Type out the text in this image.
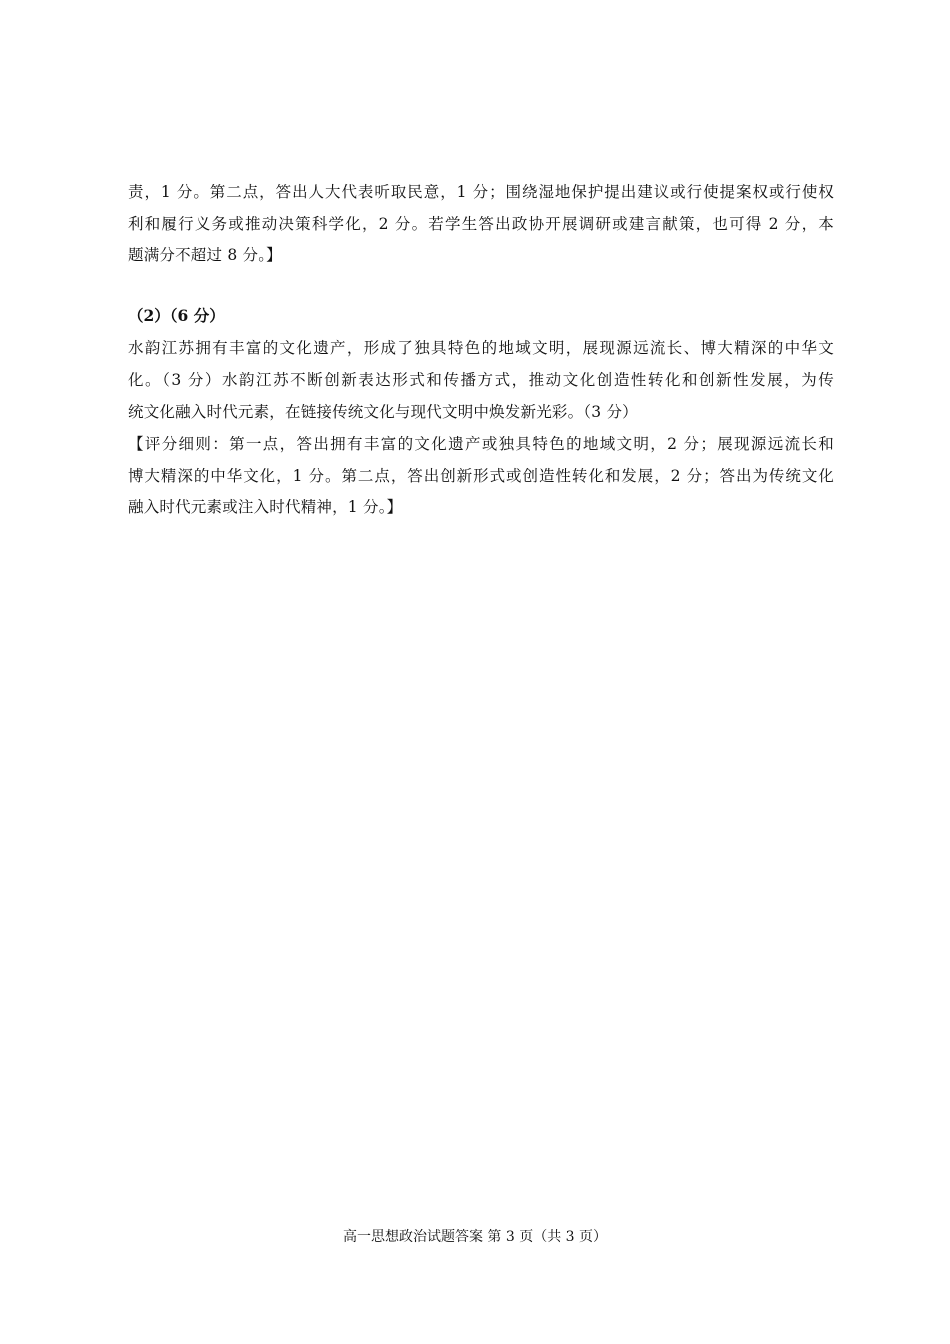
责，1 分。第二点，答出人大代表听取民意，1 分；围绕湿地保护提出建议或行使提案权或行使权
利和履行义务或推动决策科学化，2 分。若学生答出政协开展调研或建言献策，也可得 2 分，本
题满分不超过 8 分。】
（2）（6 分）
水韵江苏拥有丰富的文化遗产，形成了独具特色的地域文明，展现源远流长、博大精深的中华文
化。（3 分）水韵江苏不断创新表达形式和传播方式，推动文化创造性转化和创新性发展，为传
统文化融入时代元素，在链接传统文化与现代文明中焕发新光彩。（3 分）
【评分细则：第一点，答出拥有丰富的文化遗产或独具特色的地域文明，2 分；展现源远流长和
博大精深的中华文化，1 分。第二点，答出创新形式或创造性转化和发展，2 分；答出为传统文化
融入时代元素或注入时代精神，1 分。】
高一思想政治试题答案 第 3 页（共 3 页）
